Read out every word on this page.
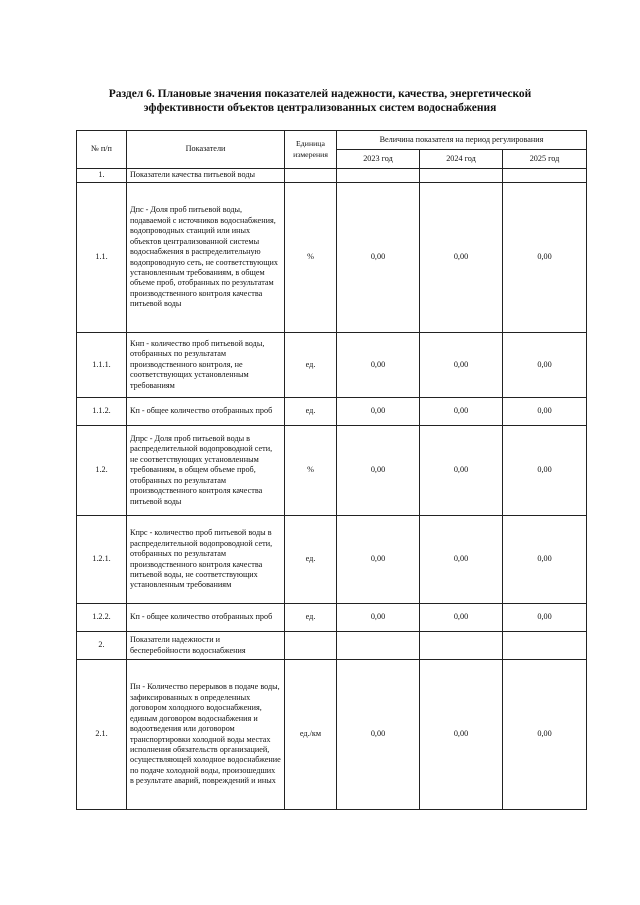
Раздел 6. Плановые значения показателей надежности, качества, энергетической
эффективности объектов централизованных систем водоснабжения
№ п/п	Показатели	Единица измерения	Величина показателя на период регулирования		
			2023 год	2024 год	2025 год
1.	Показатели качества питьевой воды				
1.1.	Дпс - Доля проб питьевой воды, подаваемой с источников водоснабжения, водопроводных станций или иных объектов централизованной системы водоснабжения в распределительную водопроводную сеть, не соответствующих установленным требованиям, в общем объеме проб, отобранных по результатам производственного контроля качества питьевой воды	%	0,00	0,00	0,00
1.1.1.	Кнп - количество проб питьевой воды, отобранных по результатам производственного контроля, не соответствующих установленным требованиям	ед.	0,00	0,00	0,00
1.1.2.	Кп - общее количество отобранных проб	ед.	0,00	0,00	0,00
1.2.	Дпрс - Доля проб питьевой воды в распределительной водопроводной сети, не соответствующих установленным требованиям, в общем объеме проб, отобранных по результатам производственного контроля качества питьевой воды	%	0,00	0,00	0,00
1.2.1.	Кпрс - количество проб питьевой воды в распределительной водопроводной сети, отобранных по результатам производственного контроля качества питьевой воды, не соответствующих установленным требованиям	ед.	0,00	0,00	0,00
1.2.2.	Кп - общее количество отобранных проб	ед.	0,00	0,00	0,00
2.	Показатели надежности и бесперебойности водоснабжения				
2.1.	Пн - Количество перерывов в подаче воды, зафиксированных в определенных договором холодного водоснабжения, единым договором водоснабжения и водоотведения или договором транспортировки холодной воды местах исполнения обязательств организацией, осуществляющей холодное водоснабжение по подаче холодной воды, произошедших в результате аварий, повреждений и иных	ед./км	0,00	0,00	0,00
